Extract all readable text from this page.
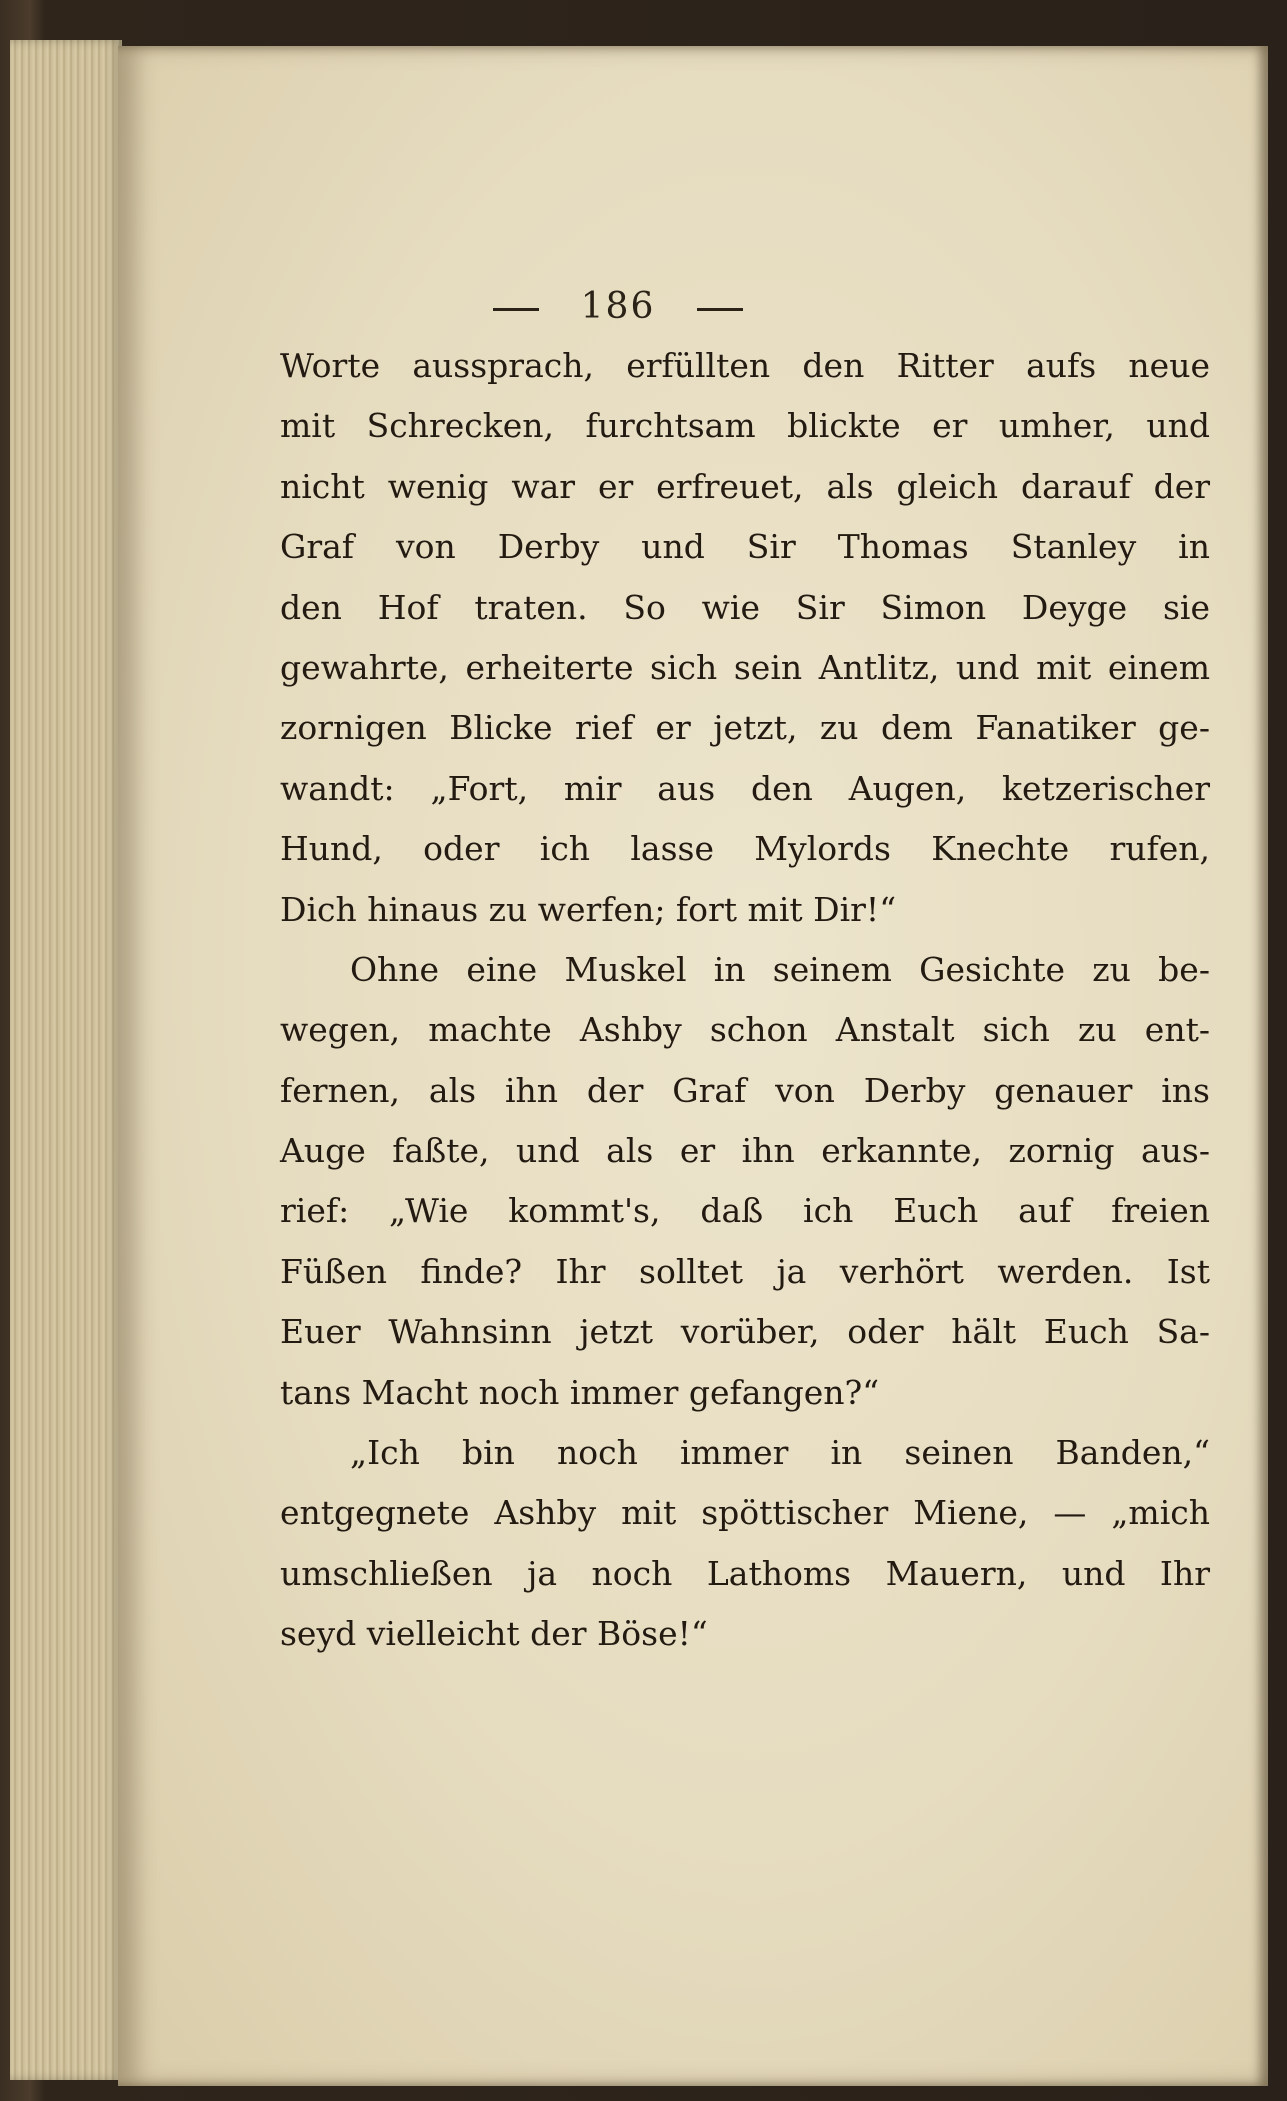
186
Worte aussprach, erfüllten den Ritter aufs neue
mit Schrecken, furchtsam blickte er umher, und
nicht wenig war er erfreuet, als gleich darauf der
Graf von Derby und Sir Thomas Stanley in
den Hof traten. So wie Sir Simon Deyge sie
gewahrte, erheiterte sich sein Antlitz, und mit einem
zornigen Blicke rief er jetzt, zu dem Fanatiker ge-
wandt: „Fort, mir aus den Augen, ketzerischer
Hund, oder ich lasse Mylords Knechte rufen,
Dich hinaus zu werfen; fort mit Dir!“
Ohne eine Muskel in seinem Gesichte zu be-
wegen, machte Ashby schon Anstalt sich zu ent-
fernen, als ihn der Graf von Derby genauer ins
Auge faßte, und als er ihn erkannte, zornig aus-
rief: „Wie kommt's, daß ich Euch auf freien
Füßen finde? Ihr solltet ja verhört werden. Ist
Euer Wahnsinn jetzt vorüber, oder hält Euch Sa-
tans Macht noch immer gefangen?“
„Ich bin noch immer in seinen Banden,“
entgegnete Ashby mit spöttischer Miene, — „mich
umschließen ja noch Lathoms Mauern, und Ihr
seyd vielleicht der Böse!“
